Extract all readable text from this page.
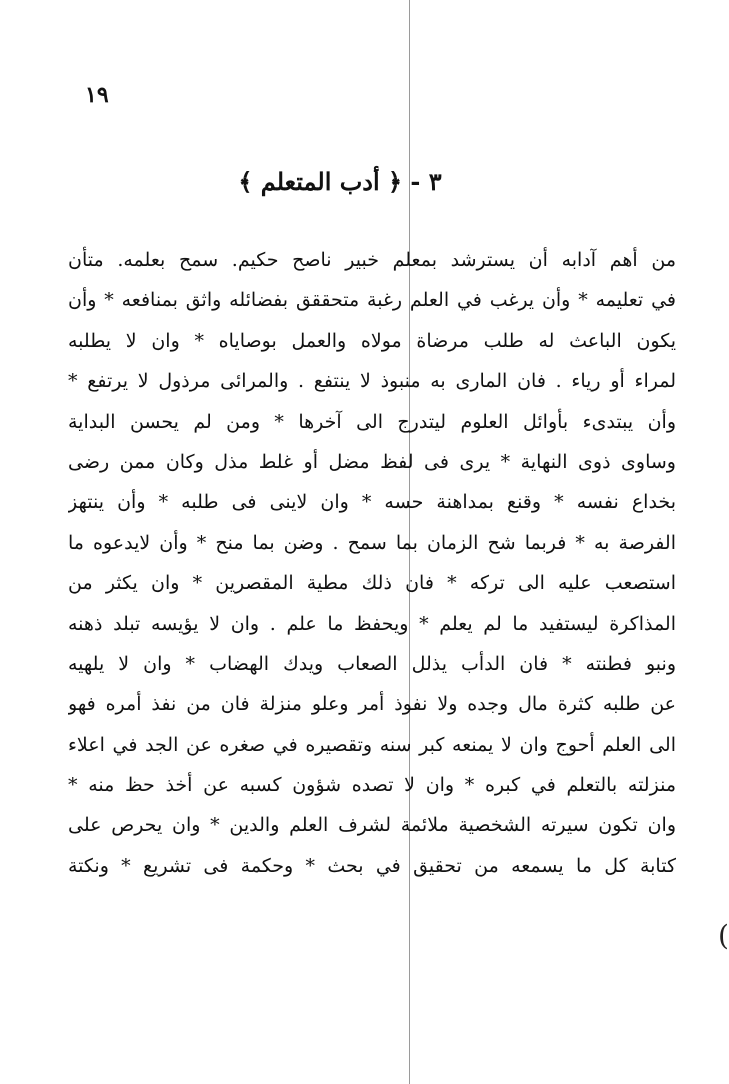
١٩
(
٣ - ﴿ أدب المتعلم ﴾
من أهم آدابه أن يسترشد بمعلم خبير ناصح حكيم. سمح بعلمه. متأن
في تعليمه * وأن يرغب في العلم رغبة متحققق بفضائله واثق بمنافعه * وأن
يكون الباعث له طلب مرضاة مولاه والعمل بوصاياه * وان لا يطلبه
لمراء أو رياء . فان المارى به منبوذ لا ينتفع . والمرائى مرذول لا يرتفع *
وأن يبتدىء بأوائل العلوم ليتدرج الى آخرها * ومن لم يحسن البداية
وساوى ذوى النهاية * يرى فى لفظ مضل أو غلط مذل وكان ممن رضى
بخداع نفسه * وقنع بمداهنة حسه * وان لاينى فى طلبه * وأن ينتهز
الفرصة به * فربما شح الزمان بما سمح . وضن بما منح * وأن لايدعوه ما
استصعب عليه الى تركه * فان ذلك مطية المقصرين * وان يكثر من
المذاكرة ليستفيد ما لم يعلم * ويحفظ ما علم . وان لا يؤيسه تبلد ذهنه
ونبو فطنته * فان الدأب يذلل الصعاب ويدك الهضاب * وان لا يلهيه
عن طلبه كثرة مال وجده ولا نفوذ أمر وعلو منزلة فان من نفذ أمره فهو
الى العلم أحوج وان لا يمنعه كبر سنه وتقصيره في صغره عن الجد في اعلاء
منزلته بالتعلم في كبره * وان لا تصده شؤون كسبه عن أخذ حظ منه *
وان تكون سيرته الشخصية ملائمة لشرف العلم والدين * وان يحرص على
كتابة كل ما يسمعه من تحقيق في بحث * وحكمة فى تشريع * ونكتة
